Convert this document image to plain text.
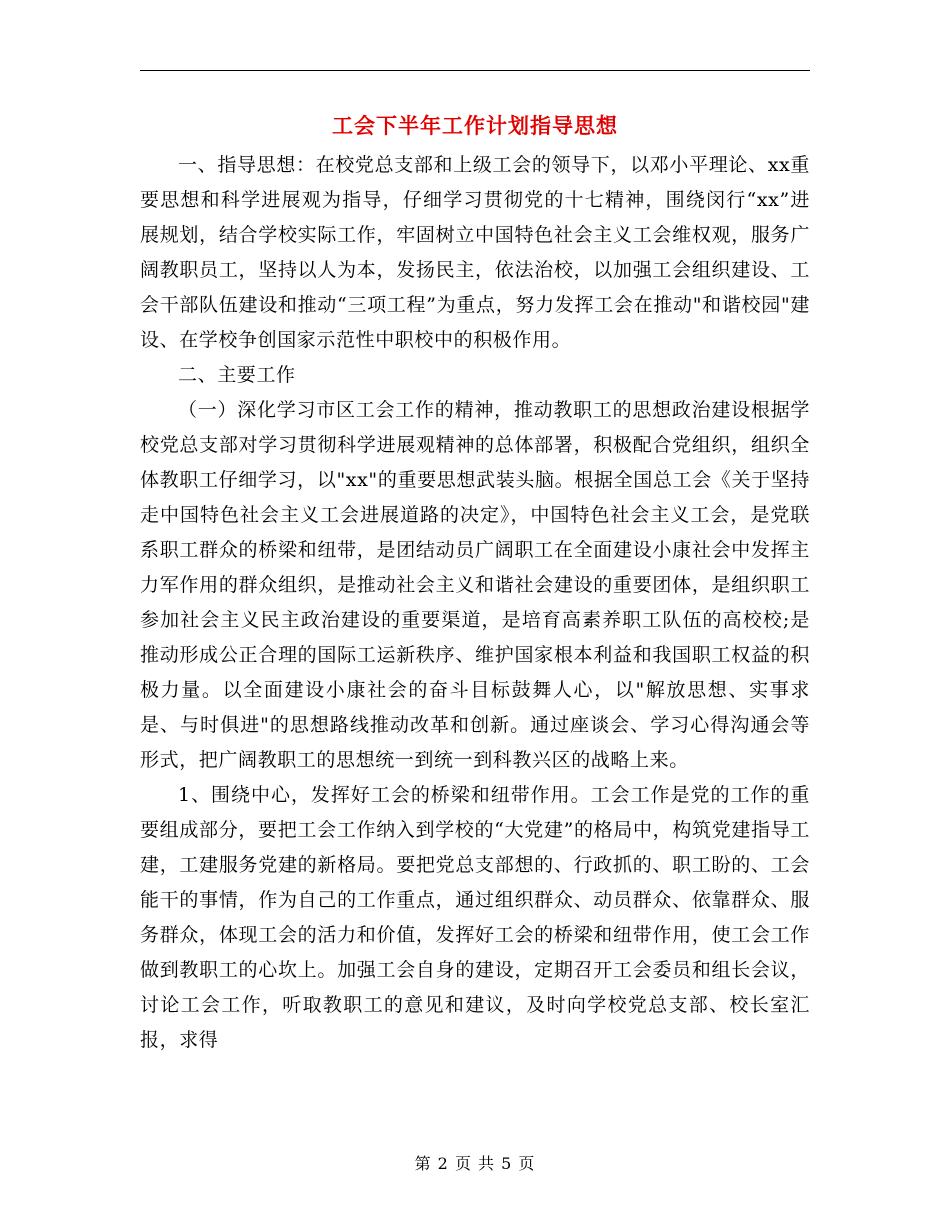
工会下半年工作计划指导思想

一、指导思想：在校党总支部和上级工会的领导下，以邓小平理论、xx重要思想和科学进展观为指导，仔细学习贯彻党的十七精神，围绕闵行“xx”进展规划，结合学校实际工作，牢固树立中国特色社会主义工会维权观，服务广阔教职员工，坚持以人为本，发扬民主，依法治校，以加强工会组织建设、工会干部队伍建设和推动“三项工程”为重点，努力发挥工会在推动"和谐校园"建设、在学校争创国家示范性中职校中的积极作用。

二、主要工作

（一）深化学习市区工会工作的精神，推动教职工的思想政治建设根据学校党总支部对学习贯彻科学进展观精神的总体部署，积极配合党组织，组织全体教职工仔细学习，以"xx"的重要思想武装头脑。根据全国总工会《关于坚持走中国特色社会主义工会进展道路的决定》，中国特色社会主义工会，是党联系职工群众的桥梁和纽带，是团结动员广阔职工在全面建设小康社会中发挥主力军作用的群众组织，是推动社会主义和谐社会建设的重要团体，是组织职工参加社会主义民主政治建设的重要渠道，是培育高素养职工队伍的高校校;是推动形成公正合理的国际工运新秩序、维护国家根本利益和我国职工权益的积极力量。以全面建设小康社会的奋斗目标鼓舞人心，以"解放思想、实事求是、与时俱进"的思想路线推动改革和创新。通过座谈会、学习心得沟通会等形式，把广阔教职工的思想统一到统一到科教兴区的战略上来。

1、围绕中心，发挥好工会的桥梁和纽带作用。工会工作是党的工作的重要组成部分，要把工会工作纳入到学校的“大党建”的格局中，构筑党建指导工建，工建服务党建的新格局。要把党总支部想的、行政抓的、职工盼的、工会能干的事情，作为自己的工作重点，通过组织群众、动员群众、依靠群众、服务群众，体现工会的活力和价值，发挥好工会的桥梁和纽带作用，使工会工作做到教职工的心坎上。加强工会自身的建设，定期召开工会委员和组长会议，讨论工会工作，听取教职工的意见和建议，及时向学校党总支部、校长室汇报，求得

第 2 页 共 5 页
